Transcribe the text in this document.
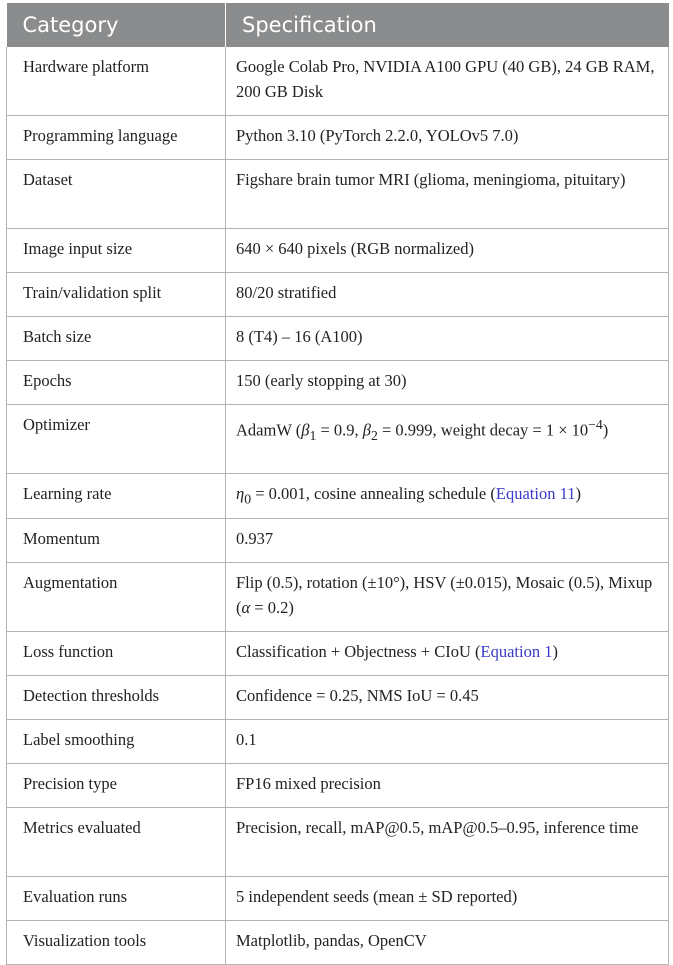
Category	Specification
Hardware platform	Google Colab Pro, NVIDIA A100 GPU (40 GB), 24 GB RAM, 200 GB Disk
Programming language	Python 3.10 (PyTorch 2.2.0, YOLOv5 7.0)
Dataset	Figshare brain tumor MRI (glioma, meningioma, pituitary)
Image input size	640 × 640 pixels (RGB normalized)
Train/validation split	80/20 stratified
Batch size	8 (T4) – 16 (A100)
Epochs	150 (early stopping at 30)
Optimizer	AdamW ($\beta_1 = 0.9$, $\beta_2 = 0.999$, weight decay = $1 \times 10^{-4}$)
Learning rate	$\eta_0 = 0.001$, cosine annealing schedule (Equation 11)
Momentum	0.937
Augmentation	Flip (0.5), rotation (±10°), HSV (±0.015), Mosaic (0.5), Mixup (α = 0.2)
Loss function	Classification + Objectness + CIoU (Equation 1)
Detection thresholds	Confidence = 0.25, NMS IoU = 0.45
Label smoothing	0.1
Precision type	FP16 mixed precision
Metrics evaluated	Precision, recall, mAP@0.5, mAP@0.5–0.95, inference time
Evaluation runs	5 independent seeds (mean ± SD reported)
Visualization tools	Matplotlib, pandas, OpenCV
